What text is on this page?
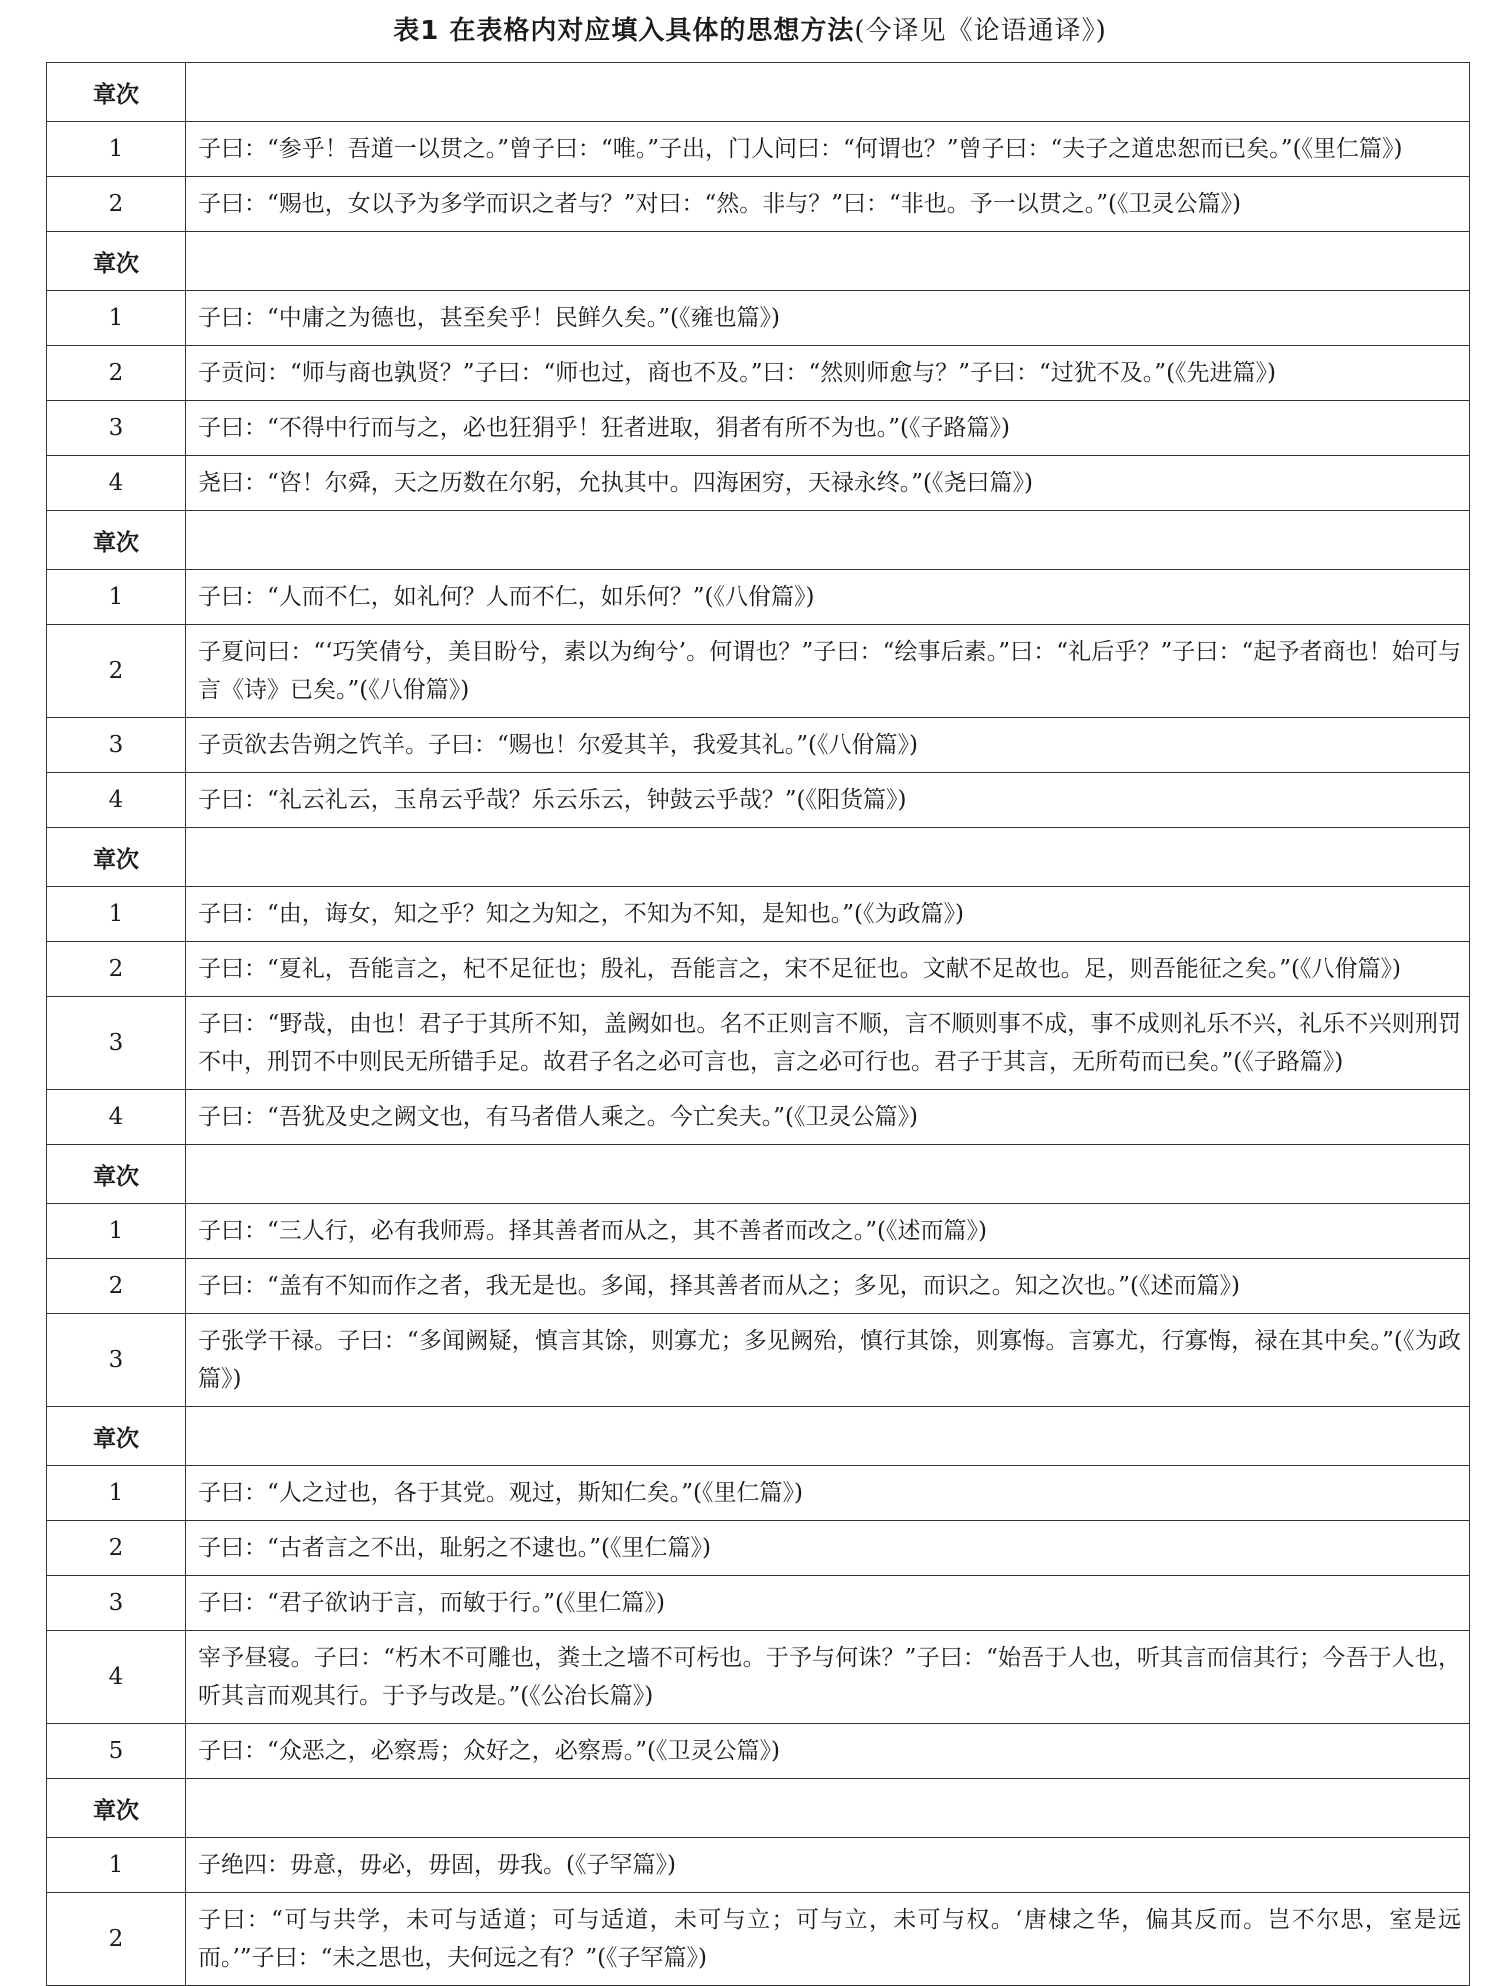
表1 在表格内对应填入具体的思想方法(今译见《论语通译》)
章次	
1	子曰：“参乎！吾道一以贯之。”曾子曰：“唯。”子出，门人问曰：“何谓也？”曾子曰：“夫子之道忠恕而已矣。”(《里仁篇》)
2	子曰：“赐也，女以予为多学而识之者与？”对曰：“然。非与？”曰：“非也。予一以贯之。”(《卫灵公篇》)
章次	
1	子曰：“中庸之为德也，甚至矣乎！民鲜久矣。”(《雍也篇》)
2	子贡问：“师与商也孰贤？”子曰：“师也过，商也不及。”曰：“然则师愈与？”子曰：“过犹不及。”(《先进篇》)
3	子曰：“不得中行而与之，必也狂狷乎！狂者进取，狷者有所不为也。”(《子路篇》)
4	尧曰：“咨！尔舜，天之历数在尔躬，允执其中。四海困穷，天禄永终。”(《尧曰篇》)
章次	
1	子曰：“人而不仁，如礼何？人而不仁，如乐何？”(《八佾篇》)
2	子夏问曰：“‘巧笑倩兮，美目盼兮，素以为绚兮’。何谓也？”子曰：“绘事后素。”曰：“礼后乎？”子曰：“起予者商也！始可与言《诗》已矣。”(《八佾篇》)
3	子贡欲去告朔之饩羊。子曰：“赐也！尔爱其羊，我爱其礼。”(《八佾篇》)
4	子曰：“礼云礼云，玉帛云乎哉？乐云乐云，钟鼓云乎哉？”(《阳货篇》)
章次	
1	子曰：“由，诲女，知之乎？知之为知之，不知为不知，是知也。”(《为政篇》)
2	子曰：“夏礼，吾能言之，杞不足征也；殷礼，吾能言之，宋不足征也。文献不足故也。足，则吾能征之矣。”(《八佾篇》)
3	子曰：“野哉，由也！君子于其所不知，盖阙如也。名不正则言不顺，言不顺则事不成，事不成则礼乐不兴，礼乐不兴则刑罚不中，刑罚不中则民无所错手足。故君子名之必可言也，言之必可行也。君子于其言，无所苟而已矣。”(《子路篇》)
4	子曰：“吾犹及史之阙文也，有马者借人乘之。今亡矣夫。”(《卫灵公篇》)
章次	
1	子曰：“三人行，必有我师焉。择其善者而从之，其不善者而改之。”(《述而篇》)
2	子曰：“盖有不知而作之者，我无是也。多闻，择其善者而从之；多见，而识之。知之次也。”(《述而篇》)
3	子张学干禄。子曰：“多闻阙疑，慎言其馀，则寡尤；多见阙殆，慎行其馀，则寡悔。言寡尤，行寡悔，禄在其中矣。”(《为政篇》)
章次	
1	子曰：“人之过也，各于其党。观过，斯知仁矣。”(《里仁篇》)
2	子曰：“古者言之不出，耻躬之不逮也。”(《里仁篇》)
3	子曰：“君子欲讷于言，而敏于行。”(《里仁篇》)
4	宰予昼寝。子曰：“朽木不可雕也，粪土之墙不可杇也。于予与何诛？”子曰：“始吾于人也，听其言而信其行；今吾于人也，听其言而观其行。于予与改是。”(《公冶长篇》)
5	子曰：“众恶之，必察焉；众好之，必察焉。”(《卫灵公篇》)
章次	
1	子绝四：毋意，毋必，毋固，毋我。(《子罕篇》)
2	子曰：“可与共学，未可与适道；可与适道，未可与立；可与立，未可与权。‘唐棣之华，偏其反而。岂不尔思，室是远而。’”子曰：“未之思也，夫何远之有？”(《子罕篇》)
